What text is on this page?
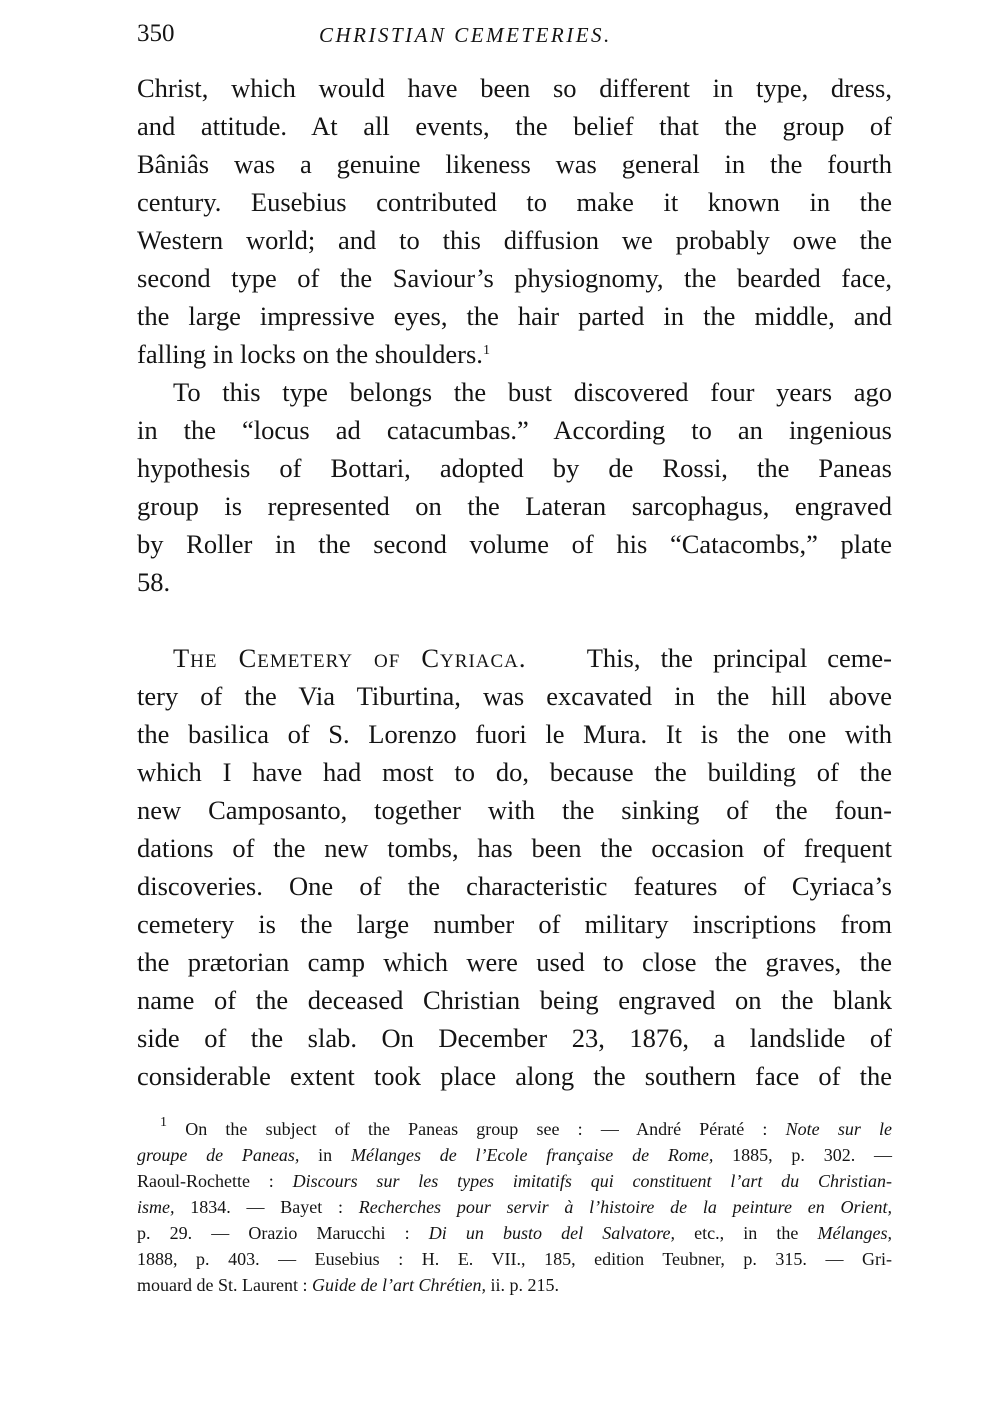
350	CHRISTIAN CEMETERIES.
Christ, which would have been so different in type, dress,
and attitude. At all events, the belief that the group of
Bâniâs was a genuine likeness was general in the fourth
century. Eusebius contributed to make it known in the
Western world; and to this diffusion we probably owe the
second type of the Saviour’s physiognomy, the bearded face,
the large impressive eyes, the hair parted in the middle, and
falling in locks on the shoulders.$^1$
To this type belongs the bust discovered four years ago
in the “locus ad catacumbas.” According to an ingenious
hypothesis of Bottari, adopted by de Rossi, the Paneas
group is represented on the Lateran sarcophagus, engraved
by Roller in the second volume of his “Catacombs,” plate
58.
The Cemetery of Cyriaca. This, the principal ceme-
tery of the Via Tiburtina, was excavated in the hill above
the basilica of S. Lorenzo fuori le Mura. It is the one with
which I have had most to do, because the building of the
new Camposanto, together with the sinking of the foun-
dations of the new tombs, has been the occasion of frequent
discoveries. One of the characteristic features of Cyriaca’s
cemetery is the large number of military inscriptions from
the prætorian camp which were used to close the graves, the
name of the deceased Christian being engraved on the blank
side of the slab. On December 23, 1876, a landslide of
considerable extent took place along the southern face of the
$^1$ On the subject of the Paneas group see : — André Pératé : Note sur le
groupe de Paneas, in Mélanges de l’Ecole française de Rome, 1885, p. 302. —
Raoul-Rochette : Discours sur les types imitatifs qui constituent l’art du Christian-
isme, 1834. — Bayet : Recherches pour servir à l’histoire de la peinture en Orient,
p. 29. — Orazio Marucchi : Di un busto del Salvatore, etc., in the Mélanges,
1888, p. 403. — Eusebius : H. E. VII., 185, edition Teubner, p. 315. — Gri-
mouard de St. Laurent : Guide de l’art Chrétien, ii. p. 215.
